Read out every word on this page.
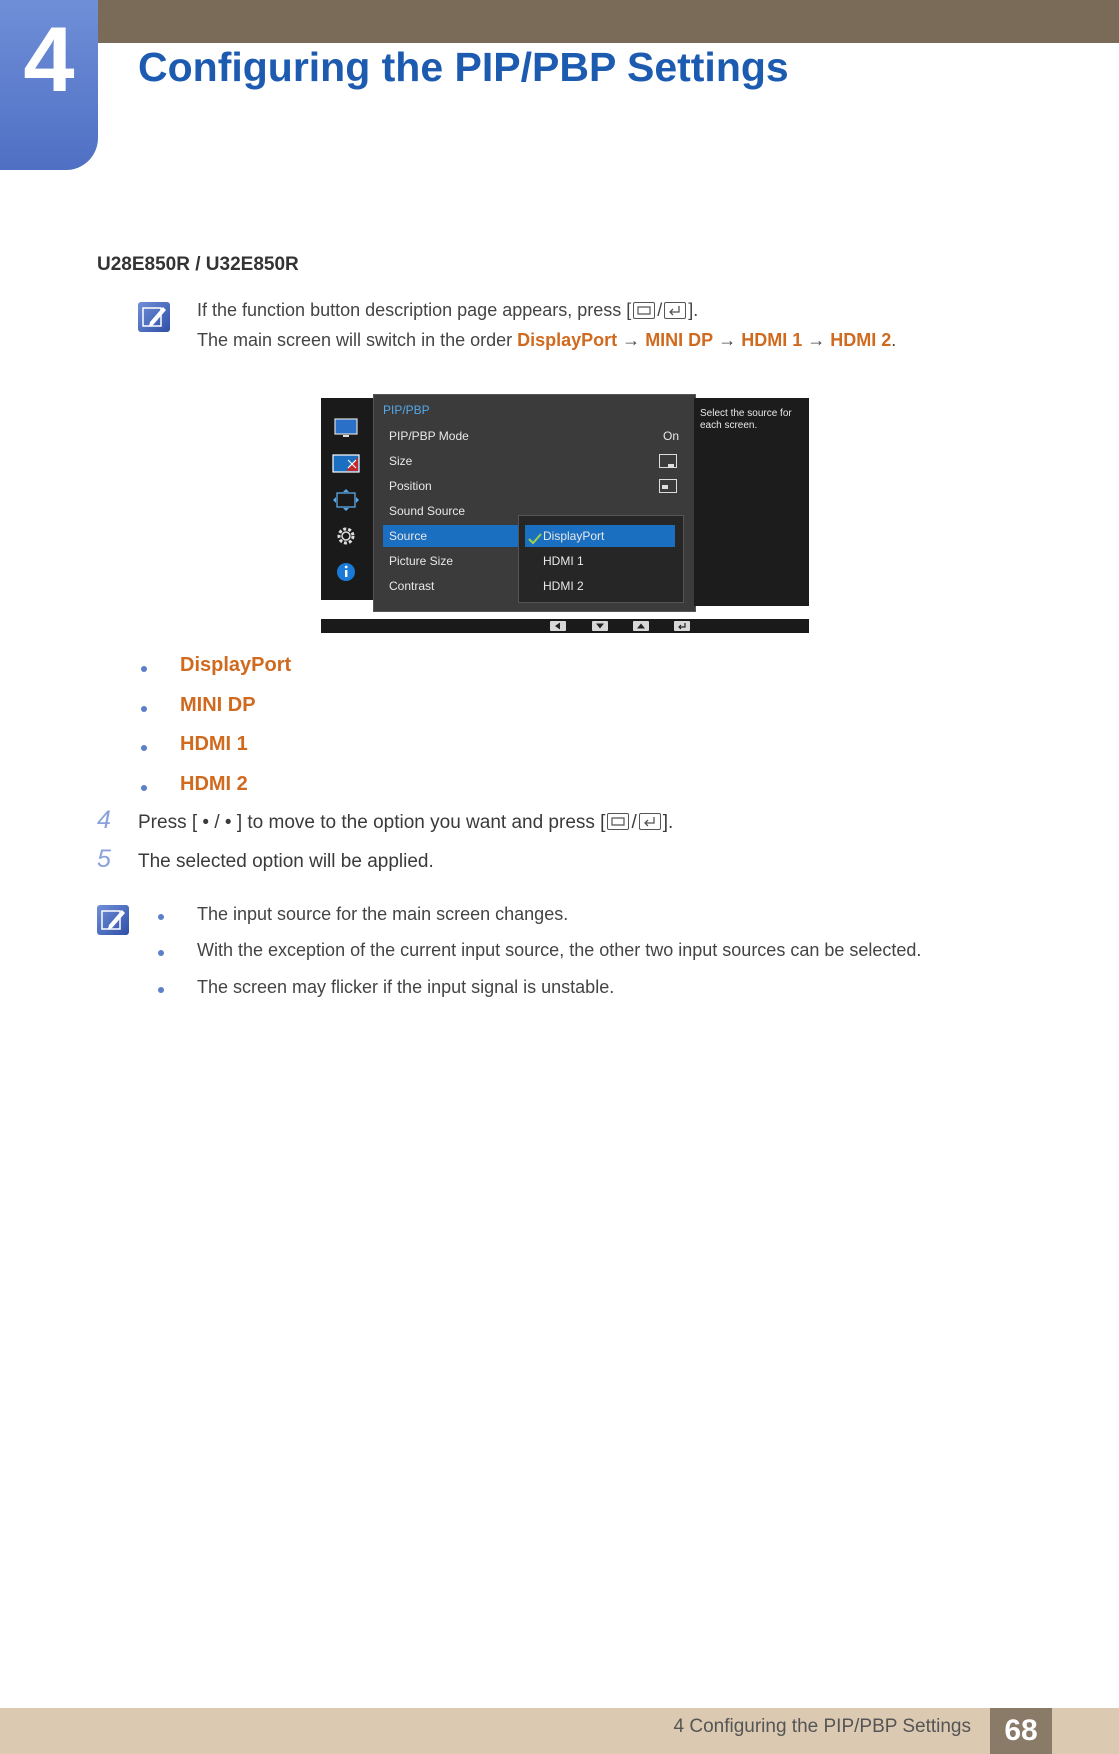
4	Configuring the PIP/PBP Settings
U28E850R / U32E850R
If the function button description page appears, press [ / ].
The main screen will switch in the order DisplayPort → MINI DP → HDMI 1 → HDMI 2.
PIP/PBP
PIP/PBP Mode	On
Size
Position
Sound Source
Source
Picture Size
Contrast
DisplayPort
HDMI 1
HDMI 2
Select the source for each screen.
DisplayPort
MINI DP
HDMI 1
HDMI 2
4 Press [ • / • ] to move to the option you want and press [ / ].
5 The selected option will be applied.
The input source for the main screen changes.
With the exception of the current input source, the other two input sources can be selected.
The screen may flicker if the input signal is unstable.
4 Configuring the PIP/PBP Settings	68
